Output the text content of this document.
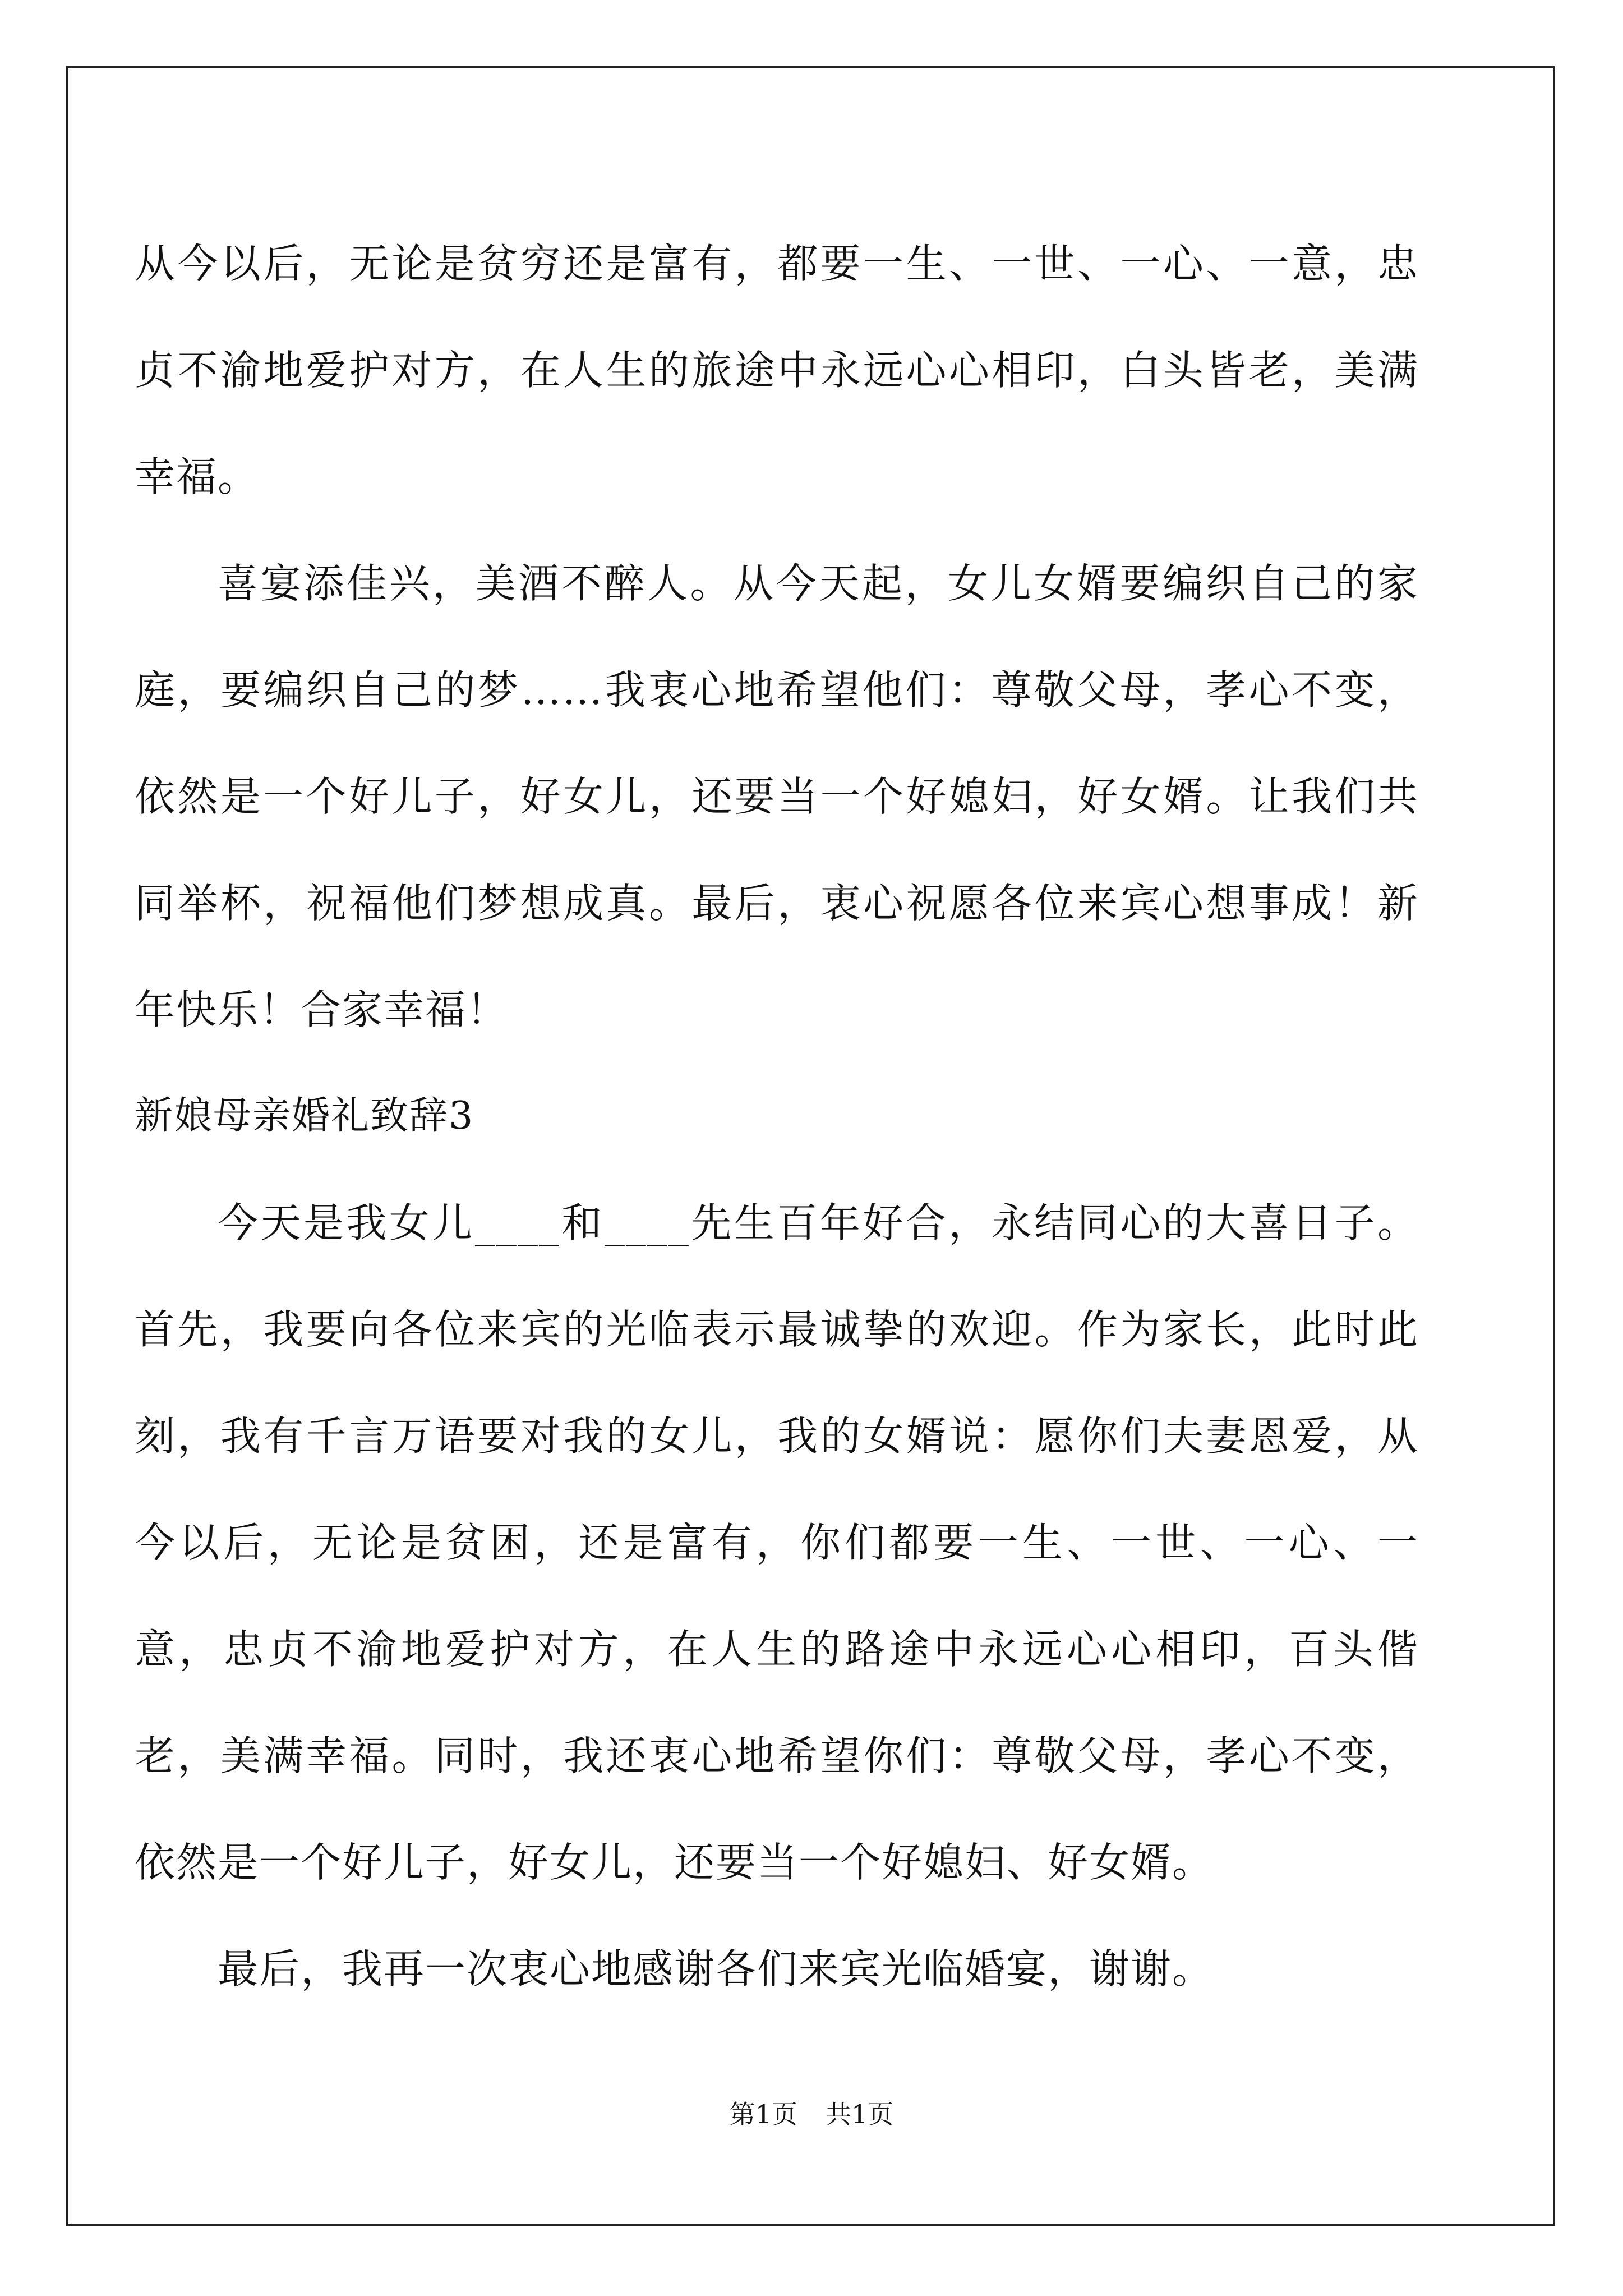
从今以后，无论是贫穷还是富有，都要一生、一世、一心、一意，忠贞不渝地爱护对方，在人生的旅途中永远心心相印，白头皆老，美满幸福。

喜宴添佳兴，美酒不醉人。从今天起，女儿女婿要编织自己的家庭，要编织自己的梦……我衷心地希望他们：尊敬父母，孝心不变，依然是一个好儿子，好女儿，还要当一个好媳妇，好女婿。让我们共同举杯，祝福他们梦想成真。最后，衷心祝愿各位来宾心想事成！新年快乐！合家幸福！

新娘母亲婚礼致辞3

今天是我女儿____和____先生百年好合，永结同心的大喜日子。首先，我要向各位来宾的光临表示最诚挚的欢迎。作为家长，此时此刻，我有千言万语要对我的女儿，我的女婿说：愿你们夫妻恩爱，从今以后，无论是贫困，还是富有，你们都要一生、一世、一心、一意，忠贞不渝地爱护对方，在人生的路途中永远心心相印，百头偕老，美满幸福。同时，我还衷心地希望你们：尊敬父母，孝心不变，依然是一个好儿子，好女儿，还要当一个好媳妇、好女婿。

最后，我再一次衷心地感谢各们来宾光临婚宴，谢谢。

第1页 共1页
